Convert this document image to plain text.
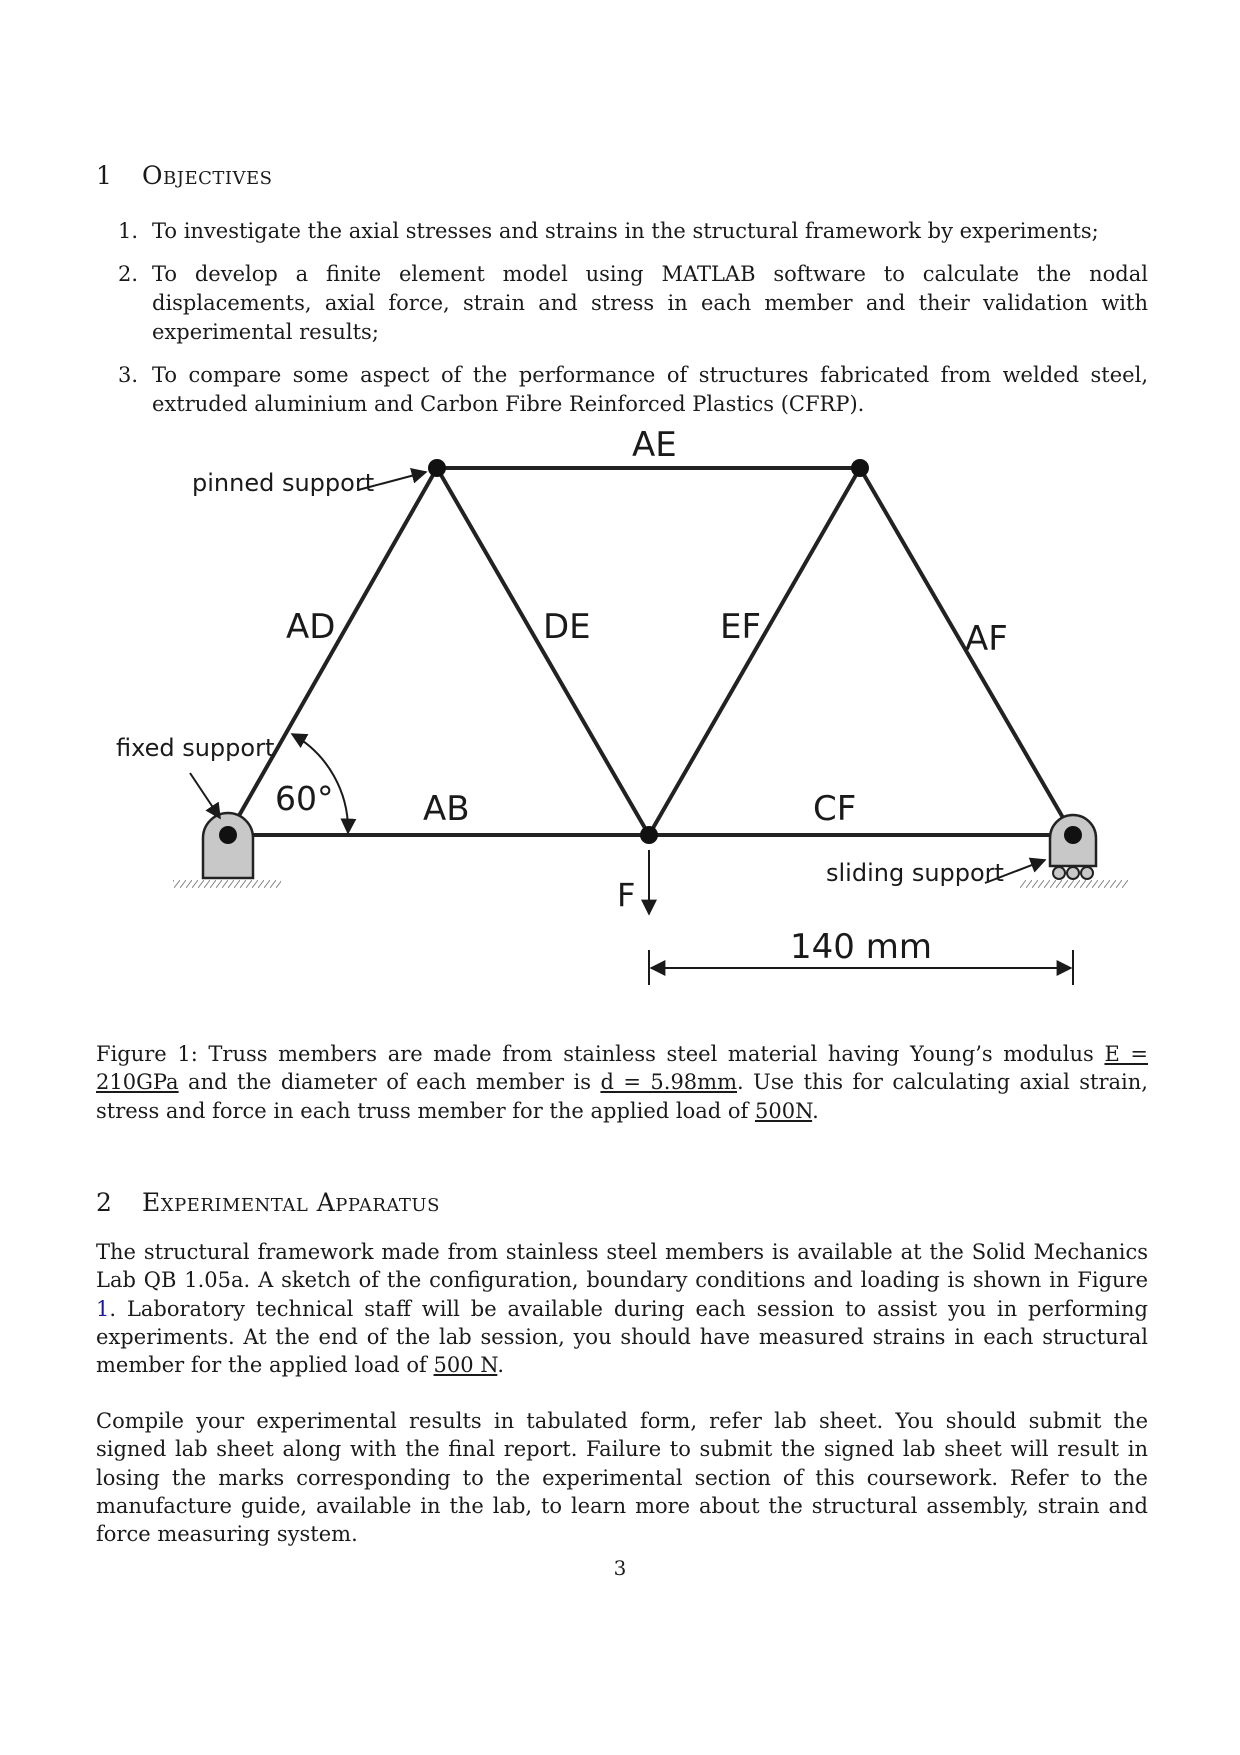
1 Objectives
1. To investigate the axial stresses and strains in the structural framework by experiments;
2. To develop a finite element model using MATLAB software to calculate the nodal displacements, axial force, strain and stress in each member and their validation with experimental results;
3. To compare some aspect of the performance of structures fabricated from welded steel, extruded aluminium and Carbon Fibre Reinforced Plastics (CFRP).
AE
AD	DE	EF	AF
AB	CF
pinned support
fixed support
sliding support
60°
F
140 mm

Figure 1: Truss members are made from stainless steel material having Young’s modulus E = 210GPa and the diameter of each member is d = 5.98mm. Use this for calculating axial strain, stress and force in each truss member for the applied load of 500N.

2 Experimental Apparatus

The structural framework made from stainless steel members is available at the Solid Mechanics Lab QB 1.05a. A sketch of the configuration, boundary conditions and loading is shown in Figure 1. Laboratory technical staff will be available during each session to assist you in performing experiments. At the end of the lab session, you should have measured strains in each structural member for the applied load of 500 N.

Compile your experimental results in tabulated form, refer lab sheet. You should submit the signed lab sheet along with the final report. Failure to submit the signed lab sheet will result in losing the marks corresponding to the experimental section of this coursework. Refer to the manufacture guide, available in the lab, to learn more about the structural assembly, strain and force measuring system.

3
